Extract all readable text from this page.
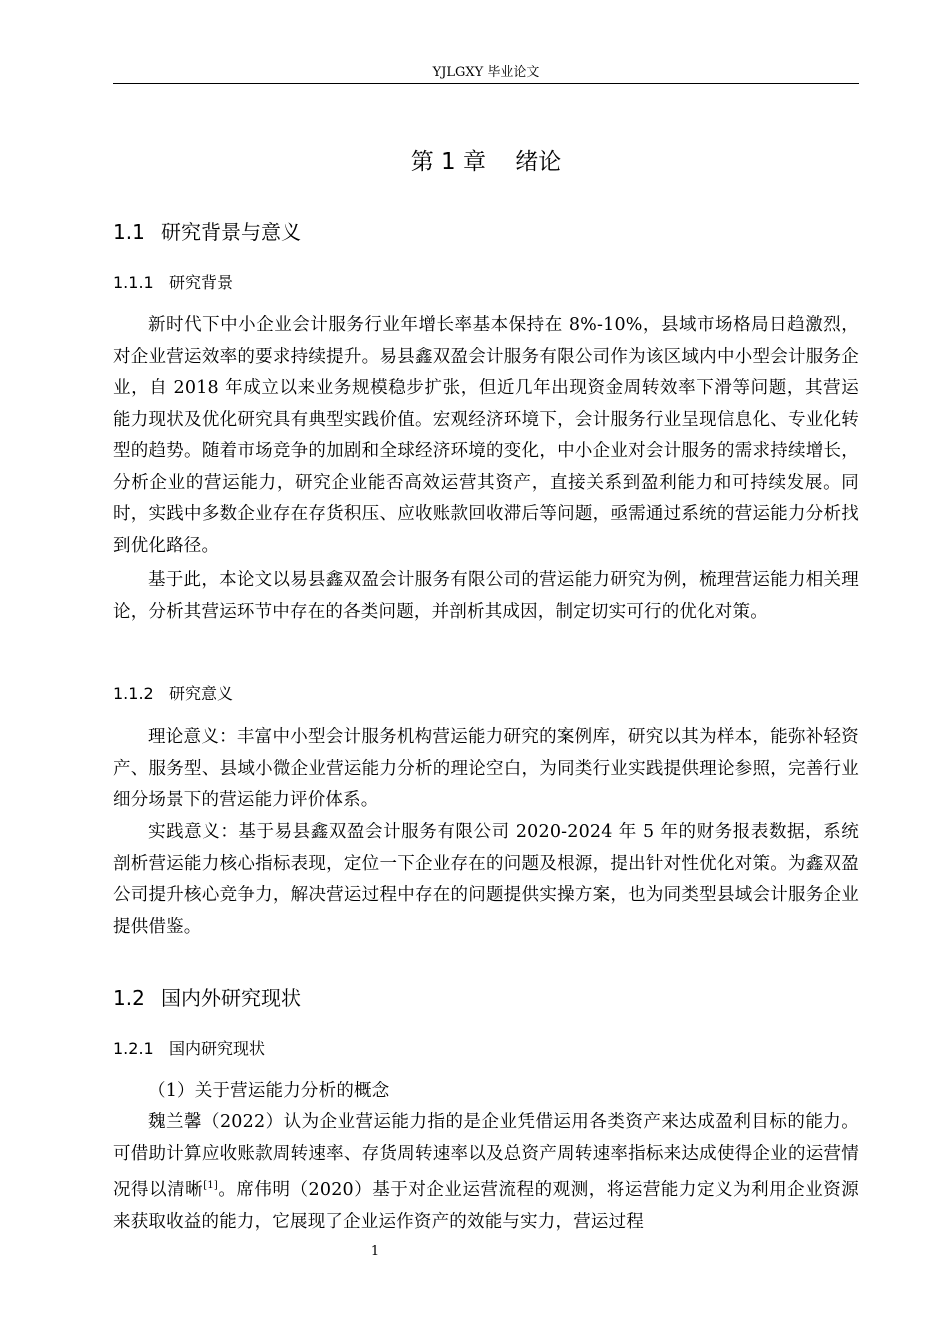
YJLGXY 毕业论文
第 1 章    绪论
1.1 研究背景与意义
1.1.1 研究背景

新时代下中小企业会计服务行业年增长率基本保持在 8%-10%，县域市场格局日趋激烈，对企业营运效率的要求持续提升。易县鑫双盈会计服务有限公司作为该区域内中小型会计服务企业，自 2018 年成立以来业务规模稳步扩张，但近几年出现资金周转效率下滑等问题，其营运能力现状及优化研究具有典型实践价值。宏观经济环境下，会计服务行业呈现信息化、专业化转型的趋势。随着市场竞争的加剧和全球经济环境的变化，中小企业对会计服务的需求持续增长，分析企业的营运能力，研究企业能否高效运营其资产，直接关系到盈利能力和可持续发展。同时，实践中多数企业存在存货积压、应收账款回收滞后等问题，亟需通过系统的营运能力分析找到优化路径。

基于此，本论文以易县鑫双盈会计服务有限公司的营运能力研究为例，梳理营运能力相关理论，分析其营运环节中存在的各类问题，并剖析其成因，制定切实可行的优化对策。

1.1.2 研究意义

理论意义：丰富中小型会计服务机构营运能力研究的案例库，研究以其为样本，能弥补轻资产、服务型、县域小微企业营运能力分析的理论空白，为同类行业实践提供理论参照，完善行业细分场景下的营运能力评价体系。

实践意义：基于易县鑫双盈会计服务有限公司 2020-2024 年 5 年的财务报表数据，系统剖析营运能力核心指标表现，定位一下企业存在的问题及根源，提出针对性优化对策。为鑫双盈公司提升核心竞争力，解决营运过程中存在的问题提供实操方案，也为同类型县域会计服务企业提供借鉴。

1.2 国内外研究现状
1.2.1 国内研究现状

（1）关于营运能力分析的概念

魏兰馨（2022）认为企业营运能力指的是企业凭借运用各类资产来达成盈利目标的能力。可借助计算应收账款周转速率、存货周转速率以及总资产周转速率指标来达成使得企业的运营情况得以清晰[1]。席伟明（2020）基于对企业运营流程的观测，将运营能力定义为利用企业资源来获取收益的能力，它展现了企业运作资产的效能与实力，营运过程

1
